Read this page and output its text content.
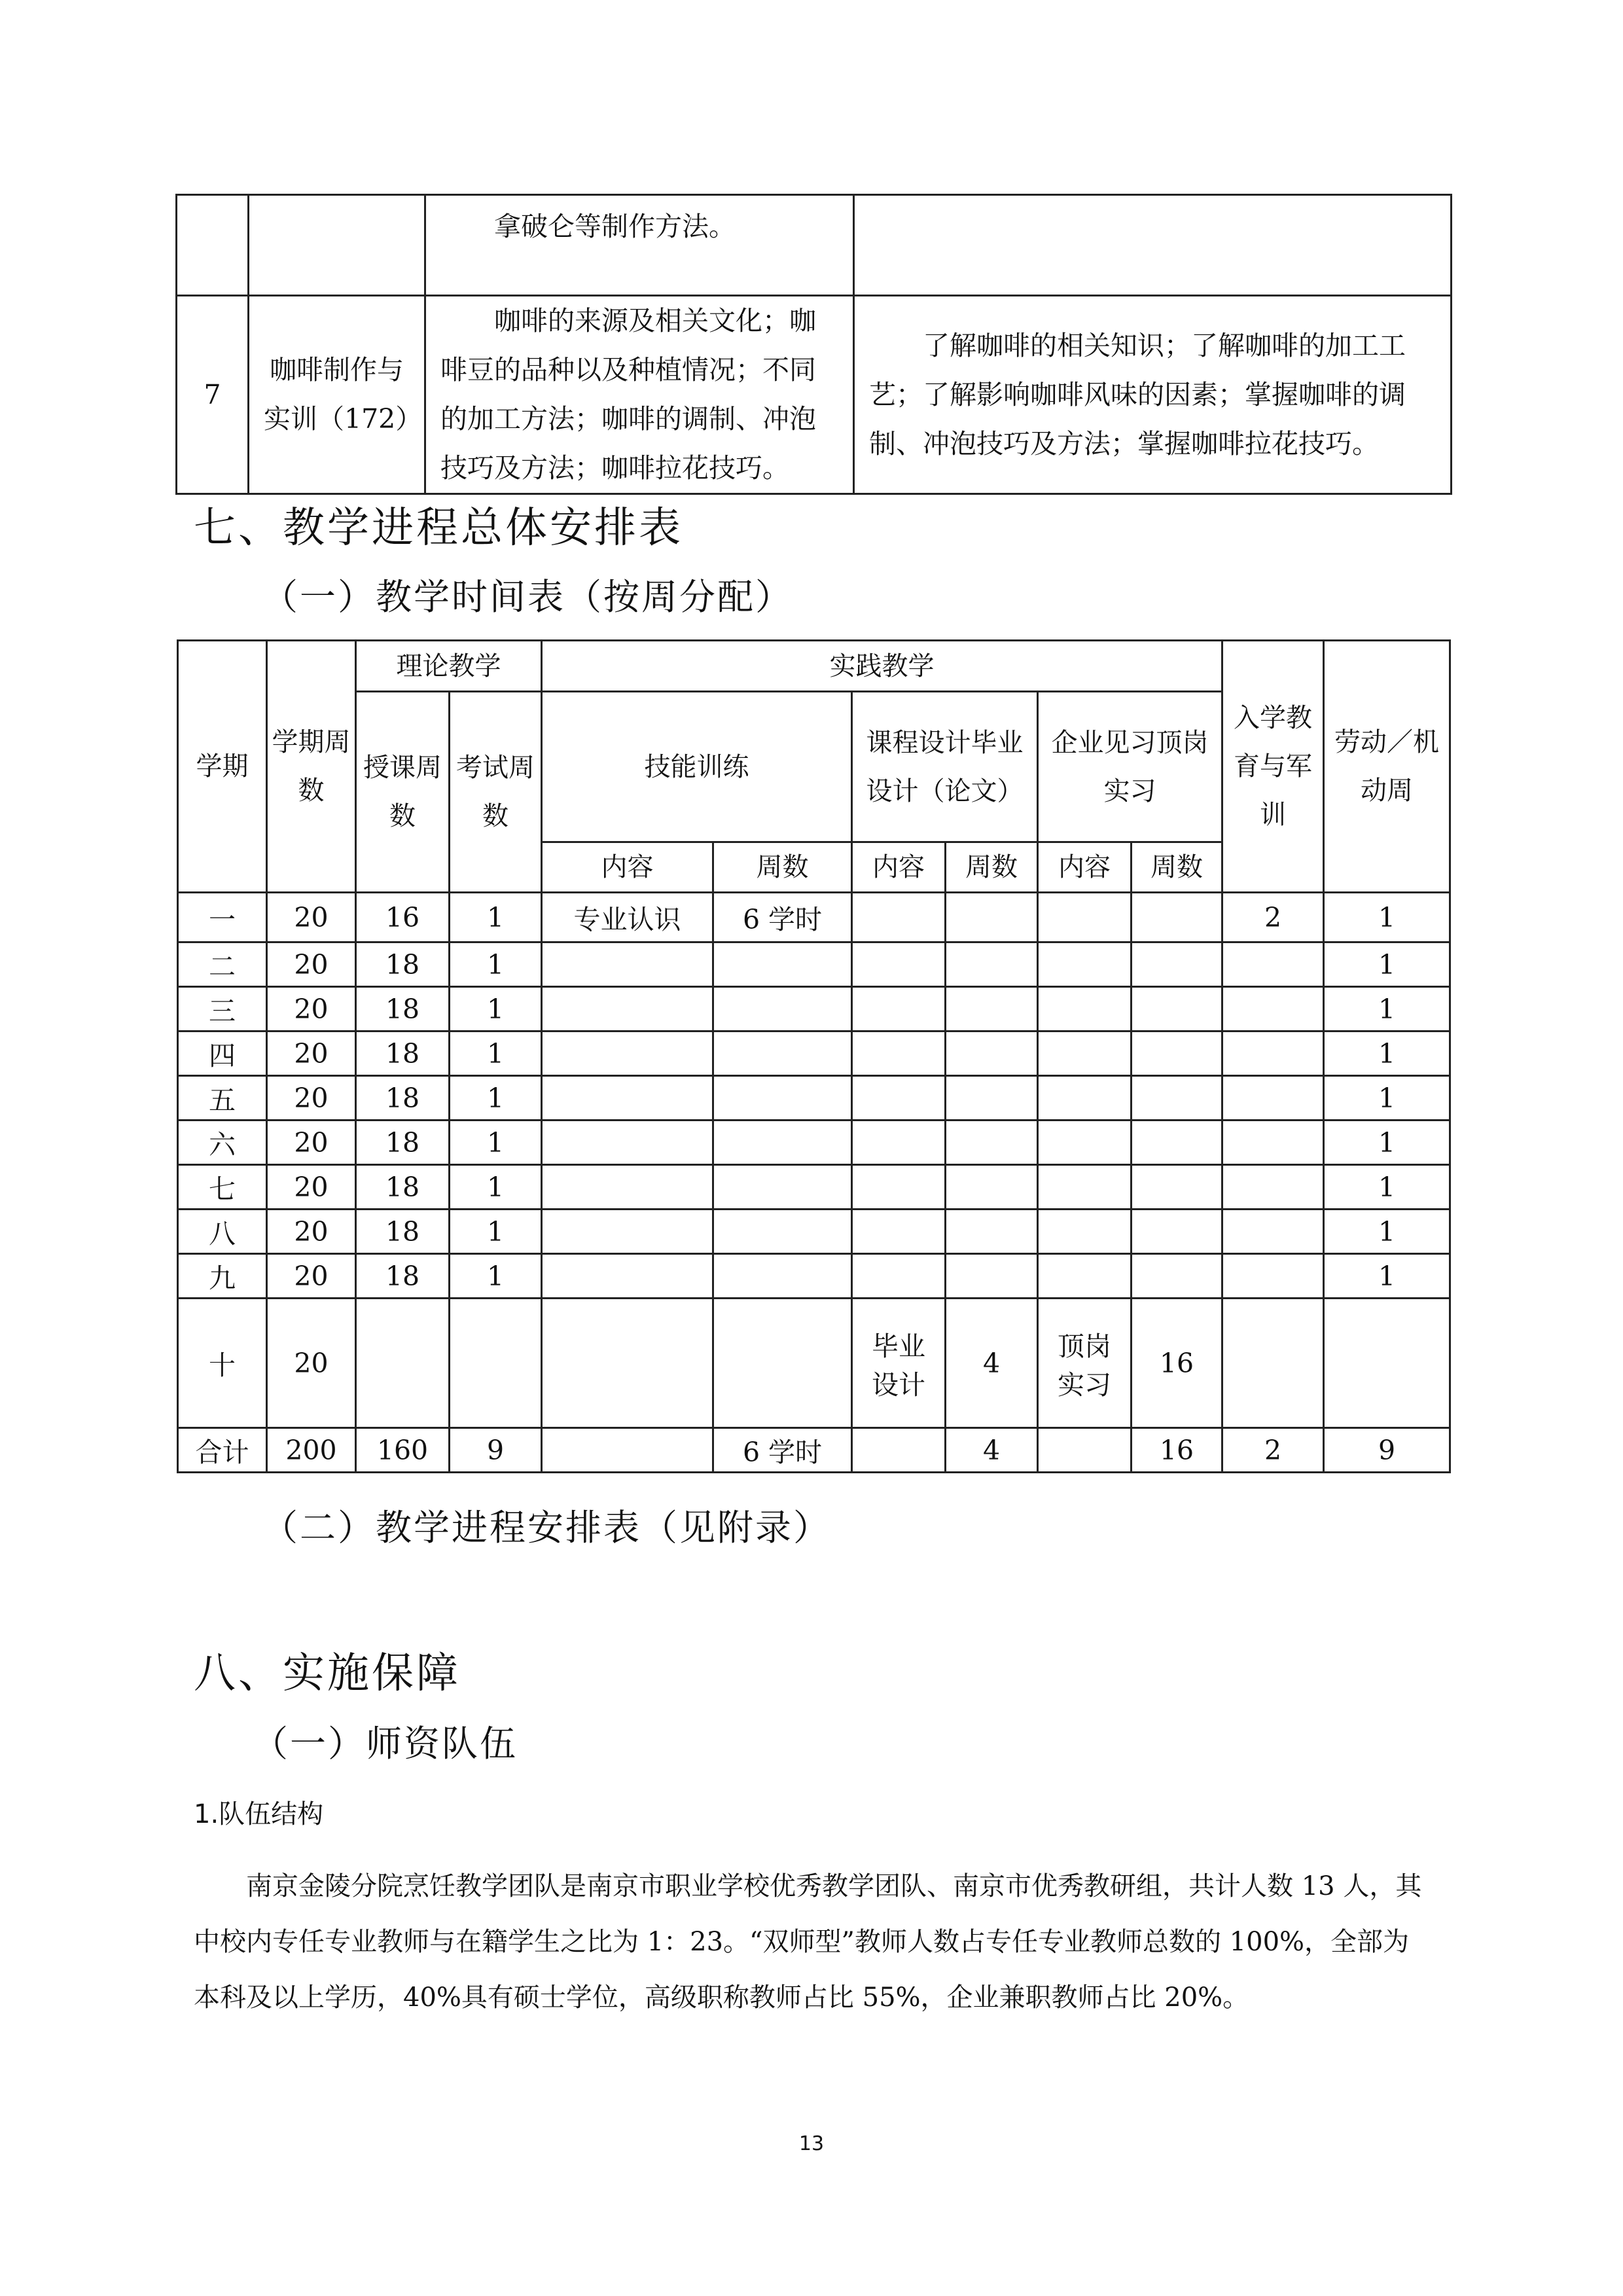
		拿破仑等制作方法。	
7	咖啡制作与实训（172）	咖啡的来源及相关文化；咖啡豆的品种以及种植情况；不同的加工方法；咖啡的调制、冲泡技巧及方法；咖啡拉花技巧。	了解咖啡的相关知识；了解咖啡的加工工艺；了解影响咖啡风味的因素；掌握咖啡的调制、冲泡技巧及方法；掌握咖啡拉花技巧。
七、教学进程总体安排表
（一）教学时间表（按周分配）
学期	学期周数	理论教学		实践教学						入学教育与军训	劳动／机动周
		授课周数	考试周数	技能训练		课程设计毕业设计（论文）		企业见习顶岗实习			
				内容	周数	内容	周数	内容	周数		
一	20	16	1	专业认识	6 学时					2	1
二	20	18	1								1
三	20	18	1								1
四	20	18	1								1
五	20	18	1								1
六	20	18	1								1
七	20	18	1								1
八	20	18	1								1
九	20	18	1								1
十	20					毕业设计	4	顶岗实习	16		
合计	200	160	9		6 学时		4		16	2	9
（二）教学进程安排表（见附录）
八、实施保障
（一）师资队伍
1.队伍结构

南京金陵分院烹饪教学团队是南京市职业学校优秀教学团队、南京市优秀教研组，共计人数 13 人，其中校内专任专业教师与在籍学生之比为 1：23。“双师型”教师人数占专任专业教师总数的 100%，全部为本科及以上学历，40%具有硕士学位，高级职称教师占比 55%，企业兼职教师占比 20%。

13
